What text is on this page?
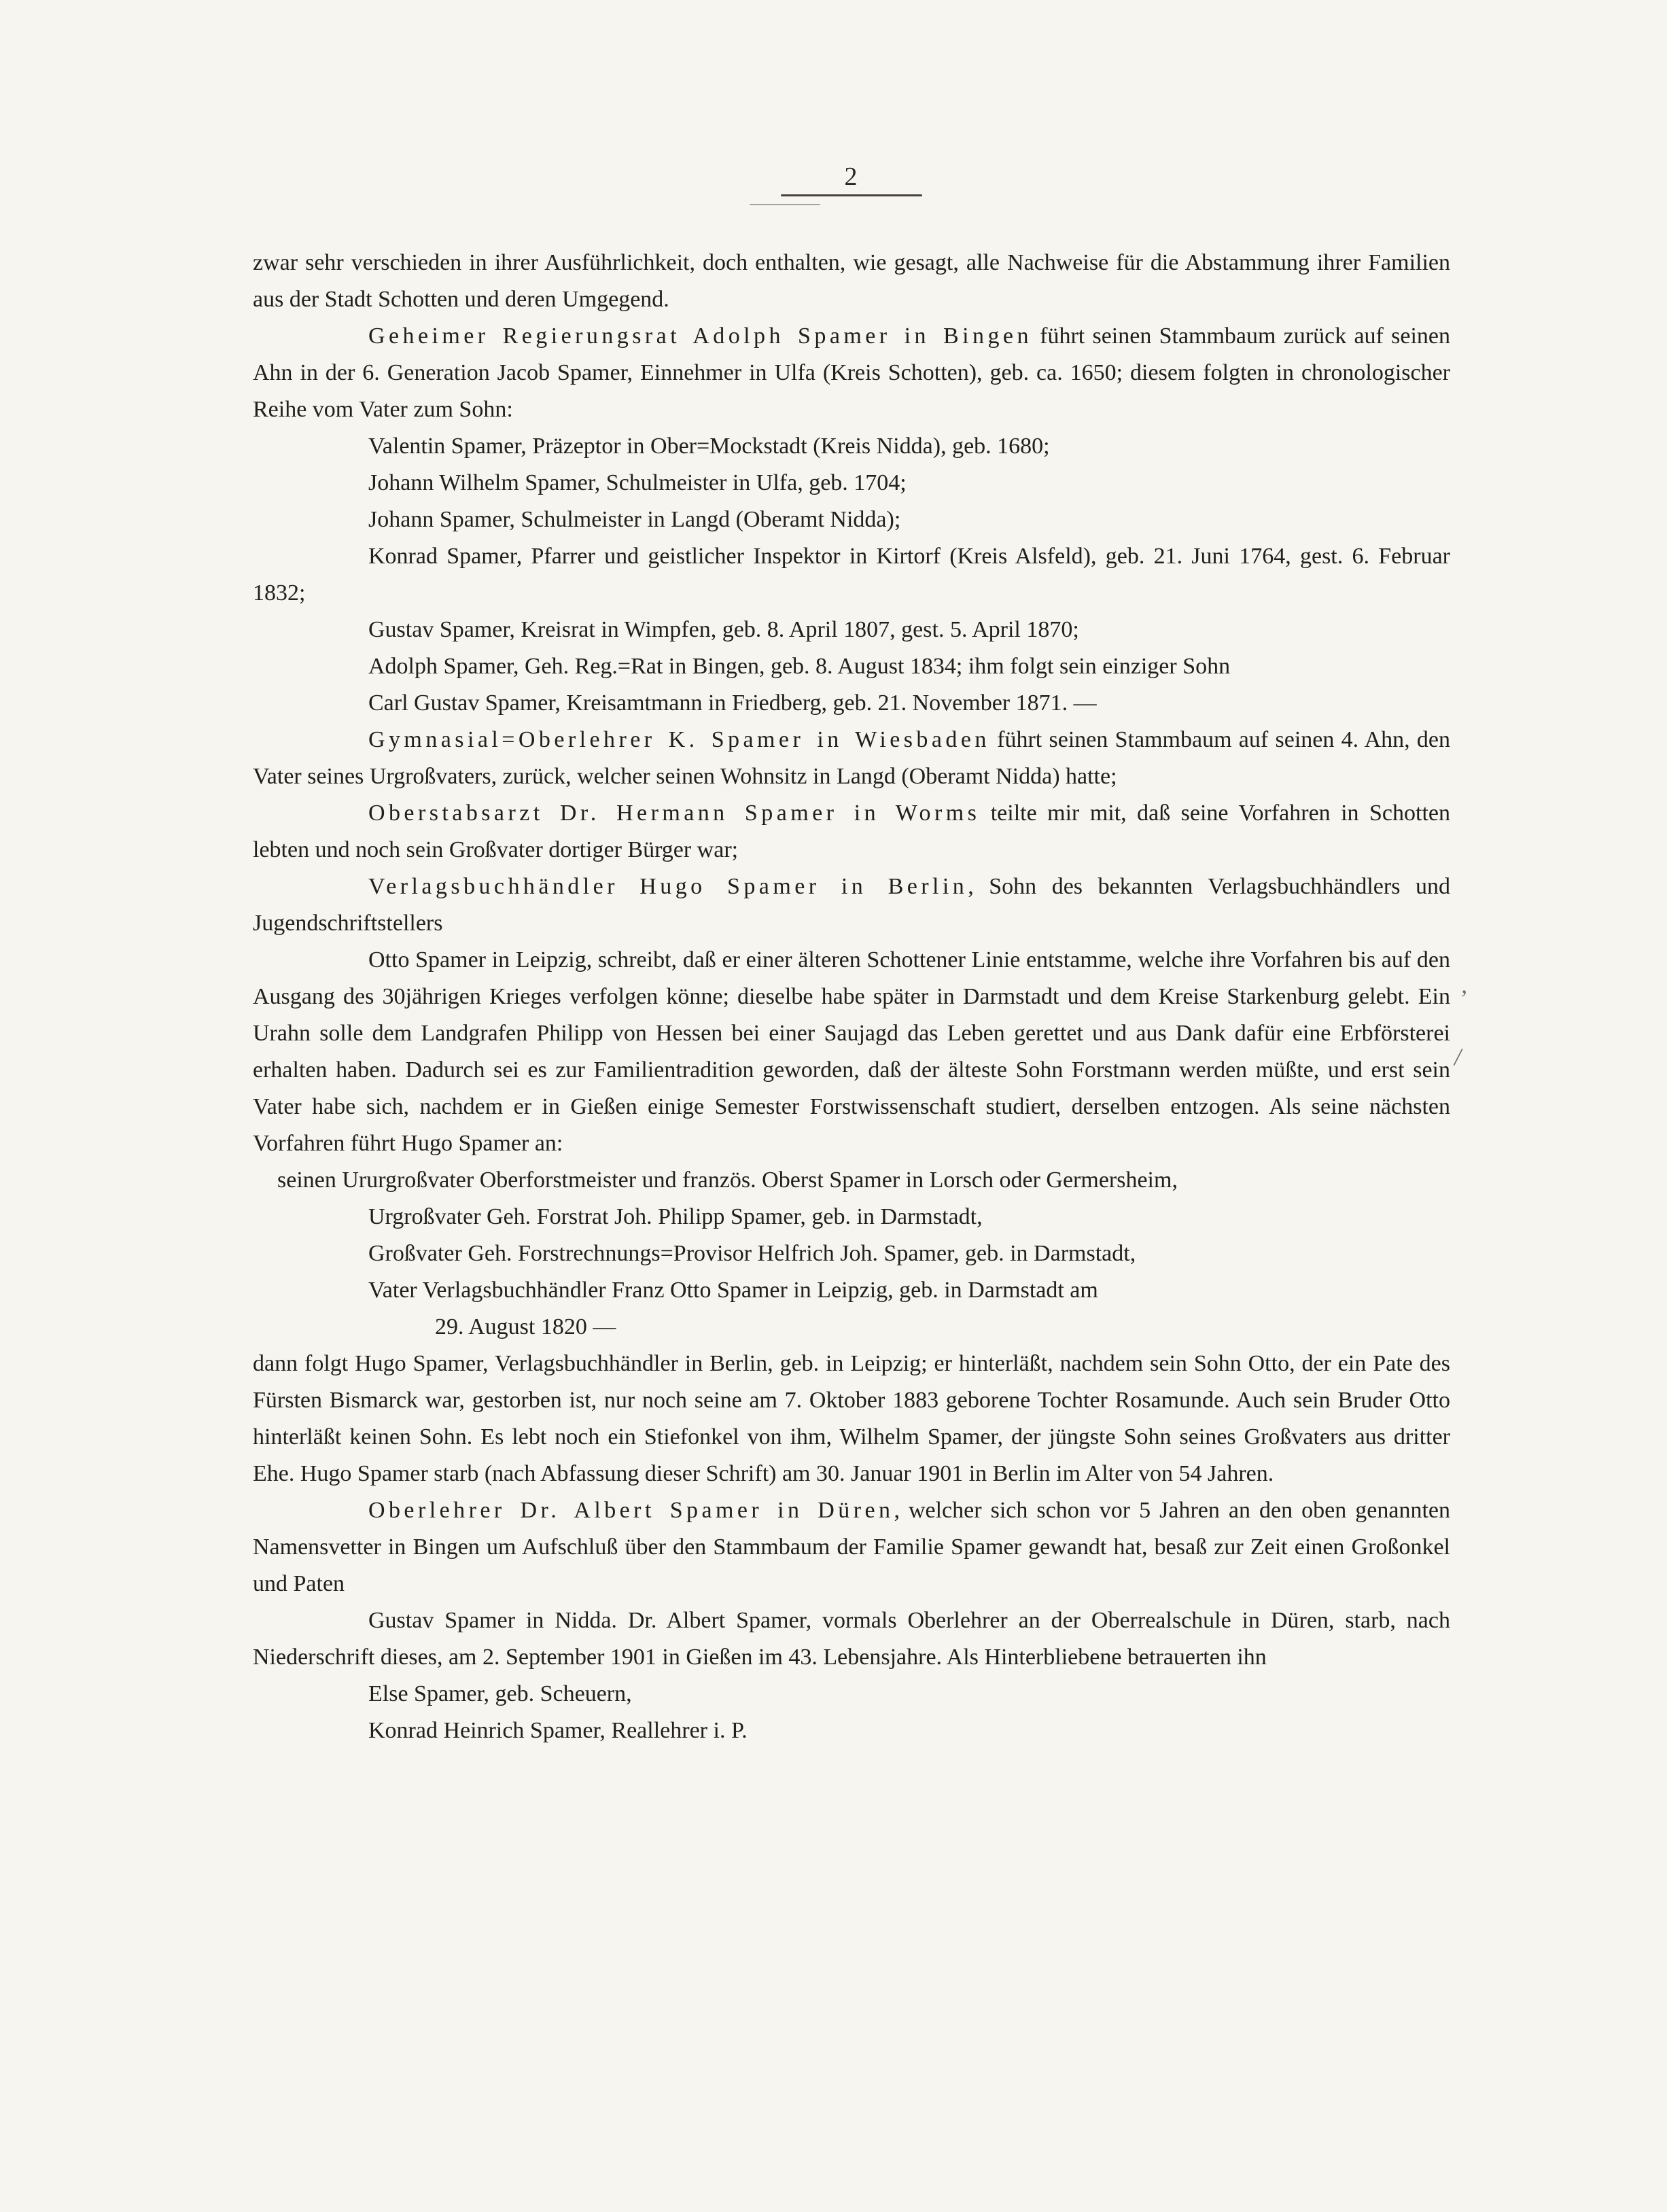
2

zwar sehr verschieden in ihrer Ausführlichkeit, doch enthalten, wie gesagt, alle Nachweise für die Abstammung ihrer Familien aus der Stadt Schotten und deren Umgegend.

Geheimer Regierungsrat Adolph Spamer in Bingen führt seinen Stammbaum zurück auf seinen Ahn in der 6. Generation Jacob Spamer, Einnehmer in Ulfa (Kreis Schotten), geb. ca. 1650; diesem folgten in chronologischer Reihe vom Vater zum Sohn:

Valentin Spamer, Präzeptor in Ober=Mockstadt (Kreis Nidda), geb. 1680;

Johann Wilhelm Spamer, Schulmeister in Ulfa, geb. 1704;

Johann Spamer, Schulmeister in Langd (Oberamt Nidda);

Konrad Spamer, Pfarrer und geistlicher Inspektor in Kirtorf (Kreis Alsfeld), geb. 21. Juni 1764, gest. 6. Februar 1832;

Gustav Spamer, Kreisrat in Wimpfen, geb. 8. April 1807, gest. 5. April 1870;

Adolph Spamer, Geh. Reg.=Rat in Bingen, geb. 8. August 1834; ihm folgt sein einziger Sohn

Carl Gustav Spamer, Kreisamtmann in Friedberg, geb. 21. November 1871. —

Gymnasial=Oberlehrer K. Spamer in Wiesbaden führt seinen Stammbaum auf seinen 4. Ahn, den Vater seines Urgroßvaters, zurück, welcher seinen Wohnsitz in Langd (Oberamt Nidda) hatte;

Oberstabsarzt Dr. Hermann Spamer in Worms teilte mir mit, daß seine Vorfahren in Schotten lebten und noch sein Großvater dortiger Bürger war;

Verlagsbuchhändler Hugo Spamer in Berlin, Sohn des bekannten Verlagsbuchhändlers und Jugendschriftstellers

Otto Spamer in Leipzig, schreibt, daß er einer älteren Schottener Linie entstamme, welche ihre Vorfahren bis auf den Ausgang des 30jährigen Krieges verfolgen könne; dieselbe habe später in Darmstadt und dem Kreise Starkenburg gelebt. Ein Urahn solle dem Landgrafen Philipp von Hessen bei einer Saujagd das Leben gerettet und aus Dank dafür eine Erbförsterei erhalten haben. Dadurch sei es zur Familientradition geworden, daß der älteste Sohn Forstmann werden müßte, und erst sein Vater habe sich, nachdem er in Gießen einige Semester Forstwissenschaft studiert, derselben entzogen. Als seine nächsten Vorfahren führt Hugo Spamer an:

seinen Ururgroßvater Oberforstmeister und französ. Oberst Spamer in Lorsch oder Germersheim,

Urgroßvater Geh. Forstrat Joh. Philipp Spamer, geb. in Darmstadt,

Großvater Geh. Forstrechnungs=Provisor Helfrich Joh. Spamer, geb. in Darmstadt,

Vater Verlagsbuchhändler Franz Otto Spamer in Leipzig, geb. in Darmstadt am

29. August 1820 —

dann folgt Hugo Spamer, Verlagsbuchhändler in Berlin, geb. in Leipzig; er hinterläßt, nachdem sein Sohn Otto, der ein Pate des Fürsten Bismarck war, gestorben ist, nur noch seine am 7. Oktober 1883 geborene Tochter Rosamunde. Auch sein Bruder Otto hinterläßt keinen Sohn. Es lebt noch ein Stiefonkel von ihm, Wilhelm Spamer, der jüngste Sohn seines Großvaters aus dritter Ehe. Hugo Spamer starb (nach Abfassung dieser Schrift) am 30. Januar 1901 in Berlin im Alter von 54 Jahren.

Oberlehrer Dr. Albert Spamer in Düren, welcher sich schon vor 5 Jahren an den oben genannten Namensvetter in Bingen um Aufschluß über den Stammbaum der Familie Spamer gewandt hat, besaß zur Zeit einen Großonkel und Paten

Gustav Spamer in Nidda. Dr. Albert Spamer, vormals Oberlehrer an der Oberrealschule in Düren, starb, nach Niederschrift dieses, am 2. September 1901 in Gießen im 43. Lebensjahre. Als Hinterbliebene betrauerten ihn

Else Spamer, geb. Scheuern,

Konrad Heinrich Spamer, Reallehrer i. P.

’
/
